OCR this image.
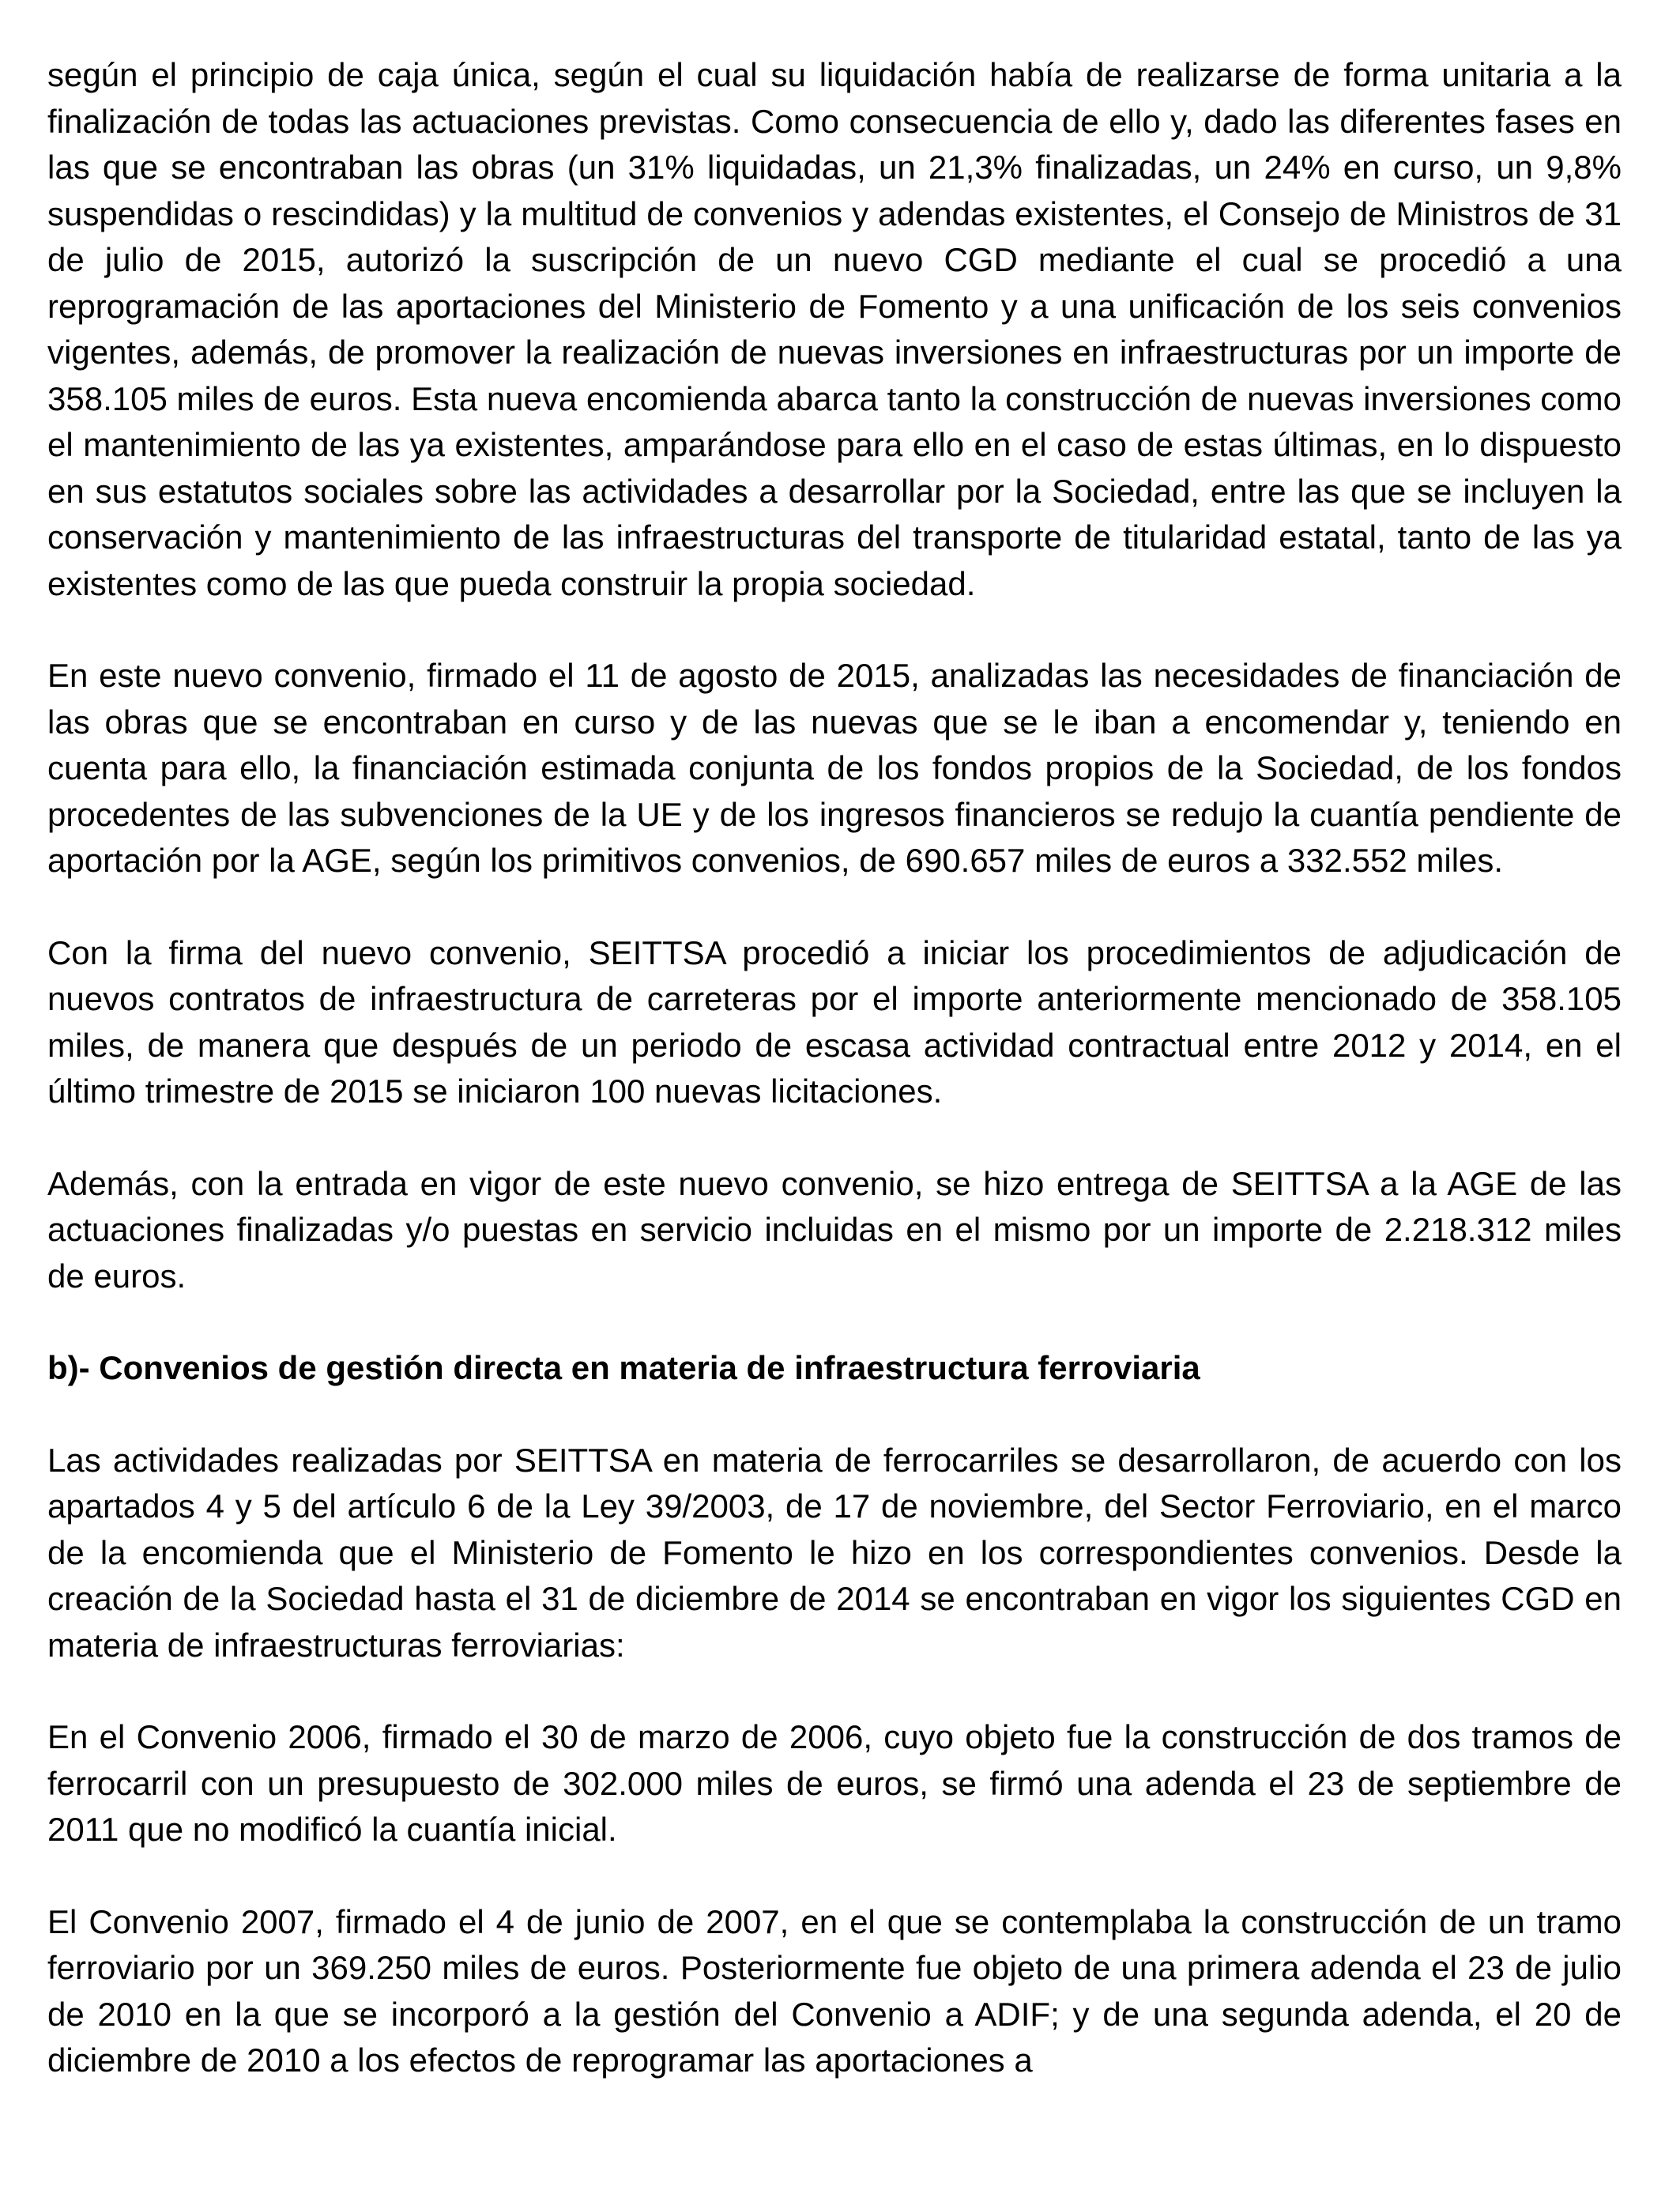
según el principio de caja única, según el cual su liquidación había de realizarse de forma unitaria a la finalización de todas las actuaciones previstas. Como consecuencia de ello y, dado las diferentes fases en las que se encontraban las obras (un 31% liquidadas, un 21,3% finalizadas, un 24% en curso, un 9,8% suspendidas o rescindidas) y la multitud de convenios y adendas existentes, el Consejo de Ministros de 31 de julio de 2015, autorizó la suscripción de un nuevo CGD mediante el cual se procedió a una reprogramación de las aportaciones del Ministerio de Fomento y a una unificación de los seis convenios vigentes, además, de promover la realización de nuevas inversiones en infraestructuras por un importe de 358.105 miles de euros. Esta nueva encomienda abarca tanto la construcción de nuevas inversiones como el mantenimiento de las ya existentes, amparándose para ello en el caso de estas últimas, en lo dispuesto en sus estatutos sociales sobre las actividades a desarrollar por la Sociedad, entre las que se incluyen la conservación y mantenimiento de las infraestructuras del transporte de titularidad estatal, tanto de las ya existentes como de las que pueda construir la propia sociedad.

En este nuevo convenio, firmado el 11 de agosto de 2015, analizadas las necesidades de financiación de las obras que se encontraban en curso y de las nuevas que se le iban a encomendar y, teniendo en cuenta para ello, la financiación estimada conjunta de los fondos propios de la Sociedad, de los fondos procedentes de las subvenciones de la UE y de los ingresos financieros se redujo la cuantía pendiente de aportación por la AGE, según los primitivos convenios, de 690.657 miles de euros a 332.552 miles.

Con la firma del nuevo convenio, SEITTSA procedió a iniciar los procedimientos de adjudicación de nuevos contratos de infraestructura de carreteras por el importe anteriormente mencionado de 358.105 miles, de manera que después de un periodo de escasa actividad contractual entre 2012 y 2014, en el último trimestre de 2015 se iniciaron 100 nuevas licitaciones.

Además, con la entrada en vigor de este nuevo convenio, se hizo entrega de SEITTSA a la AGE de las actuaciones finalizadas y/o puestas en servicio incluidas en el mismo por un importe de 2.218.312 miles de euros.

b)- Convenios de gestión directa en materia de infraestructura ferroviaria

Las actividades realizadas por SEITTSA en materia de ferrocarriles se desarrollaron, de acuerdo con los apartados 4 y 5 del artículo 6 de la Ley 39/2003, de 17 de noviembre, del Sector Ferroviario, en el marco de la encomienda que el Ministerio de Fomento le hizo en los correspondientes convenios. Desde la creación de la Sociedad hasta el 31 de diciembre de 2014 se encontraban en vigor los siguientes CGD en materia de infraestructuras ferroviarias:

En el Convenio 2006, firmado el 30 de marzo de 2006, cuyo objeto fue la construcción de dos tramos de ferrocarril con un presupuesto de 302.000 miles de euros, se firmó una adenda el 23 de septiembre de 2011 que no modificó la cuantía inicial.

El Convenio 2007, firmado el 4 de junio de 2007, en el que se contemplaba la construcción de un tramo ferroviario por un 369.250 miles de euros. Posteriormente fue objeto de una primera adenda el 23 de julio de 2010 en la que se incorporó a la gestión del Convenio a ADIF; y de una segunda adenda, el 20 de diciembre de 2010 a los efectos de reprogramar las aportaciones a
